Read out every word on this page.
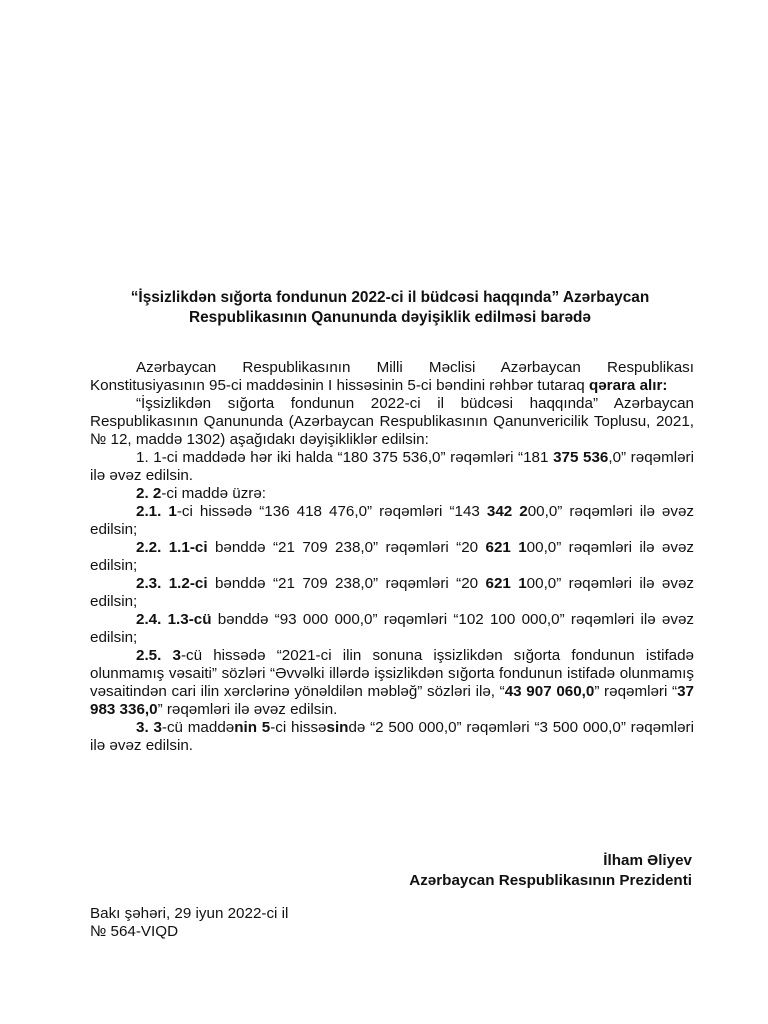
“İşsizlikdən sığorta fondunun 2022-ci il büdcəsi haqqında” Azərbaycan
Respublikasının Qanununda dəyişiklik edilməsi barədə

Azərbaycan Respublikasının Milli Məclisi Azərbaycan Respublikası Konstitusiyasının 95-ci maddəsinin I hissəsinin 5-ci bəndini rəhbər tutaraq qərara alır:

“İşsizlikdən sığorta fondunun 2022-ci il büdcəsi haqqında” Azərbaycan Respublikasının Qanununda (Azərbaycan Respublikasının Qanunvericilik Toplusu, 2021, № 12, maddə 1302) aşağıdakı dəyişikliklər edilsin:

1. 1-ci maddədə hər iki halda “180 375 536,0” rəqəmləri “181 375 536,0” rəqəmləri ilə əvəz edilsin.

2. 2-ci maddə üzrə:

2.1. 1-ci hissədə “136 418 476,0” rəqəmləri “143 342 200,0” rəqəmləri ilə əvəz edilsin;

2.2. 1.1-ci bənddə “21 709 238,0” rəqəmləri “20 621 100,0” rəqəmləri ilə əvəz edilsin;

2.3. 1.2-ci bənddə “21 709 238,0” rəqəmləri “20 621 100,0” rəqəmləri ilə əvəz edilsin;

2.4. 1.3-cü bənddə “93 000 000,0” rəqəmləri “102 100 000,0” rəqəmləri ilə əvəz edilsin;

2.5. 3-cü hissədə “2021-ci ilin sonuna işsizlikdən sığorta fondunun istifadə olunmamış vəsaiti” sözləri “Əvvəlki illərdə işsizlikdən sığorta fondunun istifadə olunmamış vəsaitindən cari ilin xərclərinə yönəldilən məbləğ” sözləri ilə, “43 907 060,0” rəqəmləri “37 983 336,0” rəqəmləri ilə əvəz edilsin.

3. 3-cü maddənin 5-ci hissəsində “2 500 000,0” rəqəmləri “3 500 000,0” rəqəmləri ilə əvəz edilsin.

İlham Əliyev
Azərbaycan Respublikasının Prezidenti
Bakı şəhəri, 29 iyun 2022-ci il
№ 564-VIQD
